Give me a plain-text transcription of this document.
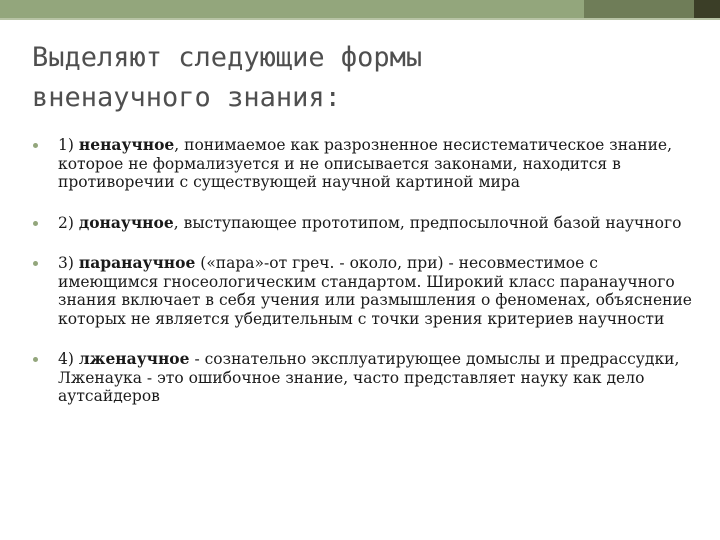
Выделяют следующие формы
вненаучного знания:
1) ненаучное, понимаемое как разрозненное несистематическое знание, которое не формализуется и не описывается законами, находится в противоречии с существующей научной картиной мира
2) донаучное, выступающее прототипом, предпосылочной базой научного
3) паранаучное («пара»-от греч. - около, при) - несовместимое с имеющимся гносеологическим стандартом. Широкий класс паранаучного знания включает в себя учения или размышления о феноменах, объяснение которых не является убедительным с точки зрения критериев научности
4) лженаучное - сознательно эксплуатирующее домыслы и предрассудки, Лженаука - это ошибочное знание, часто представляет науку как дело аутсайдеров
